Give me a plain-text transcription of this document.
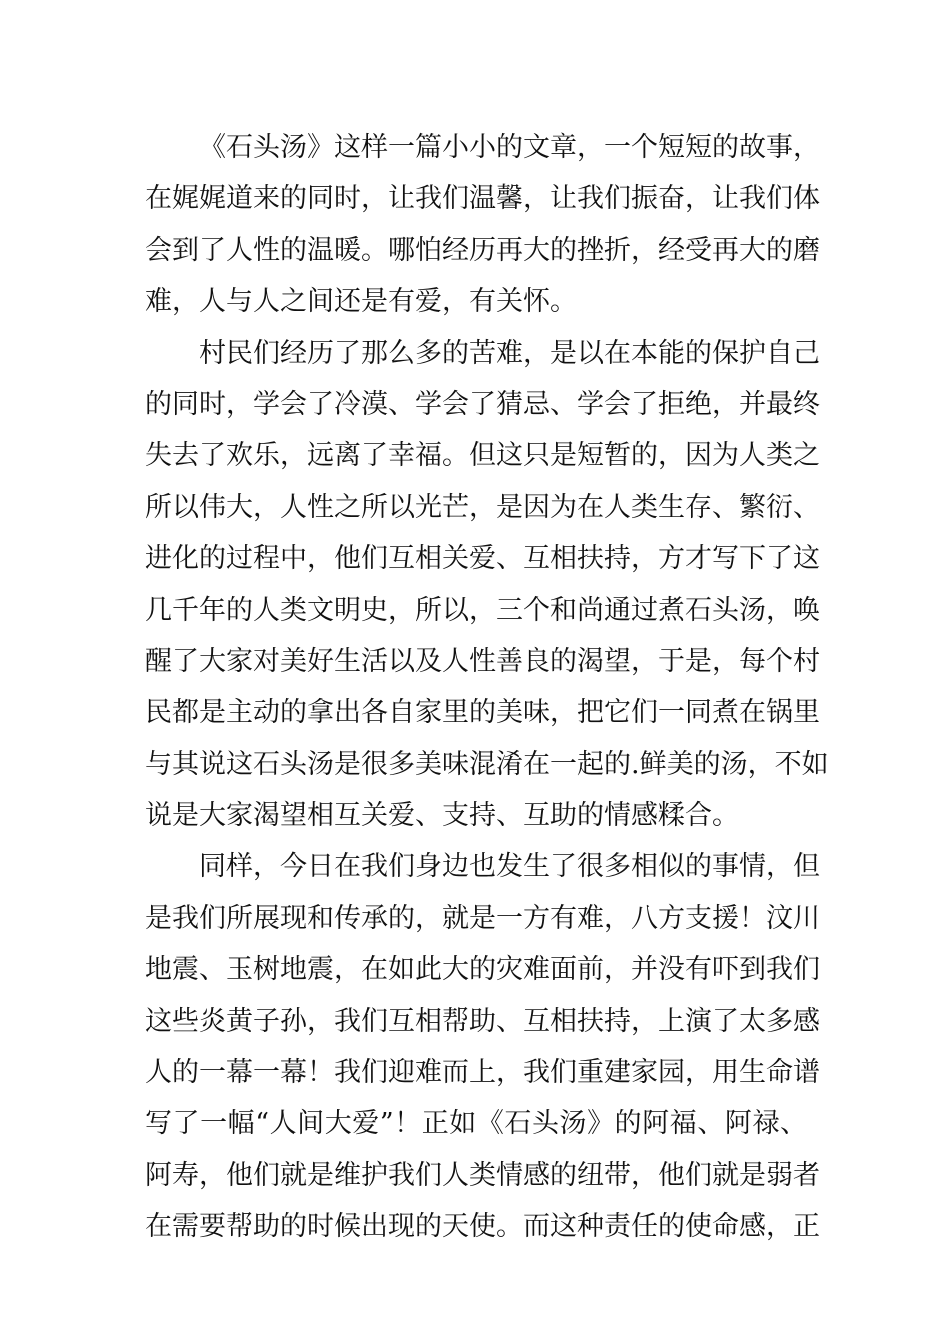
《石头汤》这样一篇小小的文章，一个短短的故事，
在娓娓道来的同时，让我们温馨，让我们振奋，让我们体
会到了人性的温暖。哪怕经历再大的挫折，经受再大的磨
难，人与人之间还是有爱，有关怀。
村民们经历了那么多的苦难，是以在本能的保护自己
的同时，学会了冷漠、学会了猜忌、学会了拒绝，并最终
失去了欢乐，远离了幸福。但这只是短暂的，因为人类之
所以伟大，人性之所以光芒，是因为在人类生存、繁衍、
进化的过程中，他们互相关爱、互相扶持，方才写下了这
几千年的人类文明史，所以，三个和尚通过煮石头汤，唤
醒了大家对美好生活以及人性善良的渴望，于是，每个村
民都是主动的拿出各自家里的美味，把它们一同煮在锅里
与其说这石头汤是很多美味混淆在一起的.鲜美的汤，不如
说是大家渴望相互关爱、支持、互助的情感糅合。
同样，今日在我们身边也发生了很多相似的事情，但
是我们所展现和传承的，就是一方有难，八方支援！汶川
地震、玉树地震，在如此大的灾难面前，并没有吓到我们
这些炎黄子孙，我们互相帮助、互相扶持，上演了太多感
人的一幕一幕！我们迎难而上，我们重建家园，用生命谱
写了一幅“人间大爱”！正如《石头汤》的阿福、阿禄、
阿寿，他们就是维护我们人类情感的纽带，他们就是弱者
在需要帮助的时候出现的天使。而这种责任的使命感，正
